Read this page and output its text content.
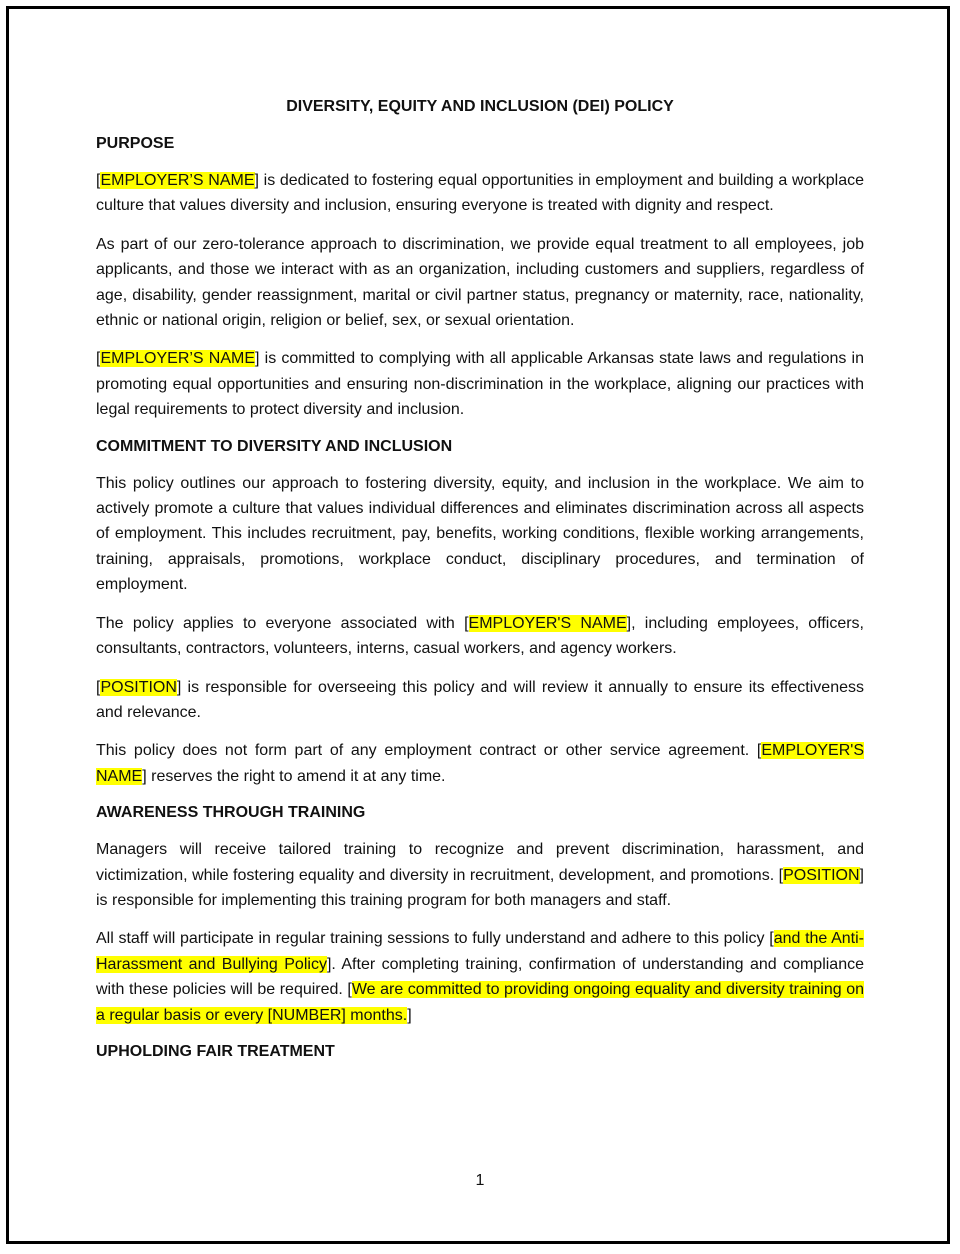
DIVERSITY, EQUITY AND INCLUSION (DEI) POLICY
PURPOSE
[EMPLOYER’S NAME] is dedicated to fostering equal opportunities in employment and building a workplace culture that values diversity and inclusion, ensuring everyone is treated with dignity and respect.
As part of our zero-tolerance approach to discrimination, we provide equal treatment to all employees, job applicants, and those we interact with as an organization, including customers and suppliers, regardless of age, disability, gender reassignment, marital or civil partner status, pregnancy or maternity, race, nationality, ethnic or national origin, religion or belief, sex, or sexual orientation.
[EMPLOYER’S NAME] is committed to complying with all applicable Arkansas state laws and regulations in promoting equal opportunities and ensuring non-discrimination in the workplace, aligning our practices with legal requirements to protect diversity and inclusion.
COMMITMENT TO DIVERSITY AND INCLUSION
This policy outlines our approach to fostering diversity, equity, and inclusion in the workplace. We aim to actively promote a culture that values individual differences and eliminates discrimination across all aspects of employment. This includes recruitment, pay, benefits, working conditions, flexible working arrangements, training, appraisals, promotions, workplace conduct, disciplinary procedures, and termination of employment.
The policy applies to everyone associated with [EMPLOYER'S NAME], including employees, officers, consultants, contractors, volunteers, interns, casual workers, and agency workers.
[POSITION] is responsible for overseeing this policy and will review it annually to ensure its effectiveness and relevance.
This policy does not form part of any employment contract or other service agreement. [EMPLOYER'S NAME] reserves the right to amend it at any time.
AWARENESS THROUGH TRAINING
Managers will receive tailored training to recognize and prevent discrimination, harassment, and victimization, while fostering equality and diversity in recruitment, development, and promotions. [POSITION] is responsible for implementing this training program for both managers and staff.
All staff will participate in regular training sessions to fully understand and adhere to this policy [and the Anti-Harassment and Bullying Policy]. After completing training, confirmation of understanding and compliance with these policies will be required. [We are committed to providing ongoing equality and diversity training on a regular basis or every [NUMBER] months.]
UPHOLDING FAIR TREATMENT
1
